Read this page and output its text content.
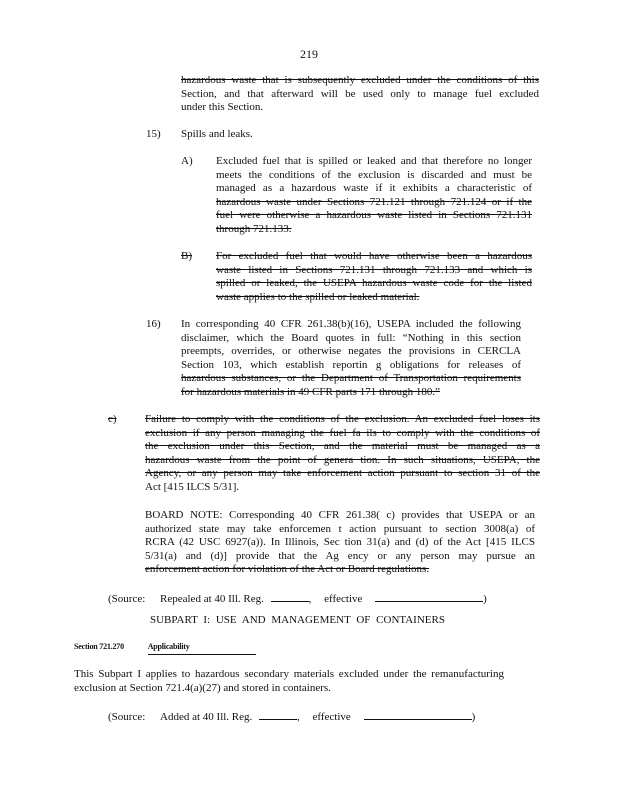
219
hazardous waste that is subsequently excluded under the conditions of this
Section, and that afterward will be used only to manage fuel excluded
under this Section.
15) Spills and leaks.
A) Excluded fuel that is spilled or leaked and that therefore no longer
meets the conditions of the exclusion is discarded and must be
managed as a hazardous waste if it exhibits a characteristic of
hazardous waste under Sections 721.121 through 721.124 or if the
fuel were otherwise a hazardous waste listed in Sections 721.131
through 721.133.
B) For excluded fuel that would have otherwise been a hazardous
waste listed in Sections 721.131 through 721.133 and which is
spilled or leaked, the USEPA hazardous waste code for the listed
waste applies to the spilled or leaked material.
16) In corresponding 40 CFR 261.38(b)(16), USEPA included the following
disclaimer, which the Board quotes in full: “Nothing in this section
preempts, overrides, or otherwise negates the provisions in CERCLA
Section 103, which establish reportin g obligations for releases of
hazardous substances, or the Department of Transportation requirements
for hazardous materials in 49 CFR parts 171 through 180.”
c)	Failure to comply with the conditions of the exclusion. An excluded fuel loses its
exclusion if any person managing the fuel fa ils to comply with the conditions of
the exclusion under this Section, and the material must be managed as a
hazardous waste from the point of genera tion. In such situations, USEPA, the
Agency, or any person may take enforcement action pursuant to section 31 of the
Act [415 ILCS 5/31].
BOARD NOTE: Corresponding 40 CFR 261.38( c) provides that USEPA or an
authorized state may take enforcemen t action pursuant to section 3008(a) of
RCRA (42 USC 6927(a)). In Illinois, Sec tion 31(a) and (d) of the Act [415 ILCS
5/31(a) and (d)] provide that the Ag ency or any person may pursue an
enforcement action for violation of the Act or Board regulations.
(Source: Repealed at 40 Ill. Reg.	, effective	)
SUBPART I: USE AND MANAGEMENT OF CONTAINERS
Section 721.270	Applicability
This Subpart I applies to hazardous secondary materials excluded under the remanufacturing
exclusion at Section 721.4(a)(27) and stored in containers.
(Source: Added at 40 Ill. Reg.	, effective	)
